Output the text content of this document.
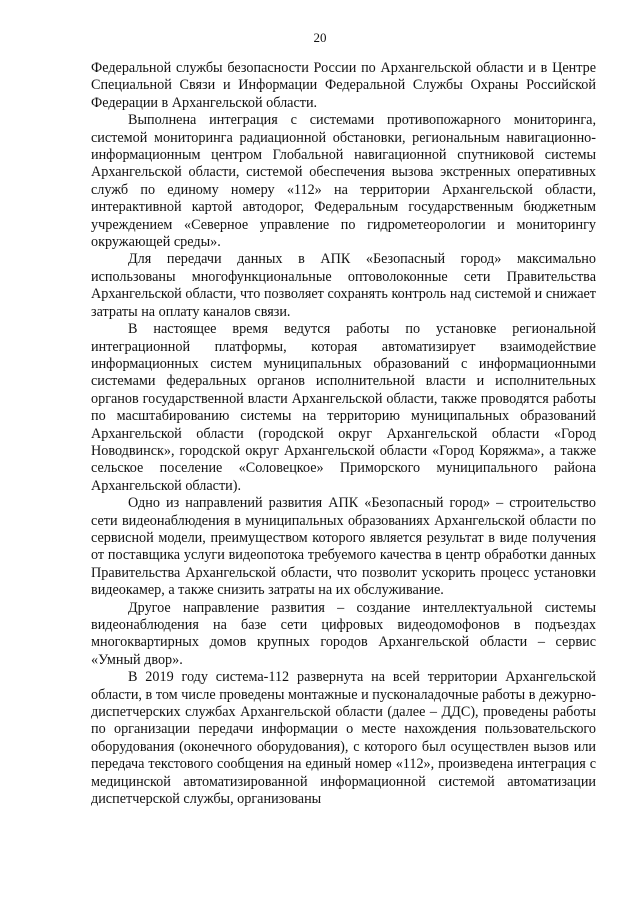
20

Федеральной службы безопасности России по Архангельской области и в Центре Специальной Связи и Информации Федеральной Службы Охраны Российской Федерации в Архангельской области.

Выполнена интеграция с системами противопожарного мониторинга, системой мониторинга радиационной обстановки, региональным навигационно-информационным центром Глобальной навигационной спутниковой системы Архангельской области, системой обеспечения вызова экстренных оперативных служб по единому номеру «112» на территории Архангельской области, интерактивной картой автодорог, Федеральным государственным бюджетным учреждением «Северное управление по гидрометеорологии и мониторингу окружающей среды».

Для передачи данных в АПК «Безопасный город» максимально использованы многофункциональные оптоволоконные сети Правительства Архангельской области, что позволяет сохранять контроль над системой и снижает затраты на оплату каналов связи.

В настоящее время ведутся работы по установке региональной интеграционной платформы, которая автоматизирует взаимодействие информационных систем муниципальных образований с информационными системами федеральных органов исполнительной власти и исполнительных органов государственной власти Архангельской области, также проводятся работы по масштабированию системы на территорию муниципальных образований Архангельской области (городской округ Архангельской области «Город Новодвинск», городской округ Архангельской области «Город Коряжма», а также сельское поселение «Соловецкое» Приморского муниципального района Архангельской области).

Одно из направлений развития АПК «Безопасный город» – строительство сети видеонаблюдения в муниципальных образованиях Архангельской области по сервисной модели, преимуществом которого является результат в виде получения от поставщика услуги видеопотока требуемого качества в центр обработки данных Правительства Архангельской области, что позволит ускорить процесс установки видеокамер, а также снизить затраты на их обслуживание.

Другое направление развития – создание интеллектуальной системы видеонаблюдения на базе сети цифровых видеодомофонов в подъездах многоквартирных домов крупных городов Архангельской области – сервис «Умный двор».

В 2019 году система-112 развернута на всей территории Архангельской области, в том числе проведены монтажные и пусконаладочные работы в дежурно-диспетчерских службах Архангельской области (далее – ДДС), проведены работы по организации передачи информации о месте нахождения пользовательского оборудования (оконечного оборудования), с которого был осуществлен вызов или передача текстового сообщения на единый номер «112», произведена интеграция с медицинской автоматизированной информационной системой автоматизации диспетчерской службы, организованы
